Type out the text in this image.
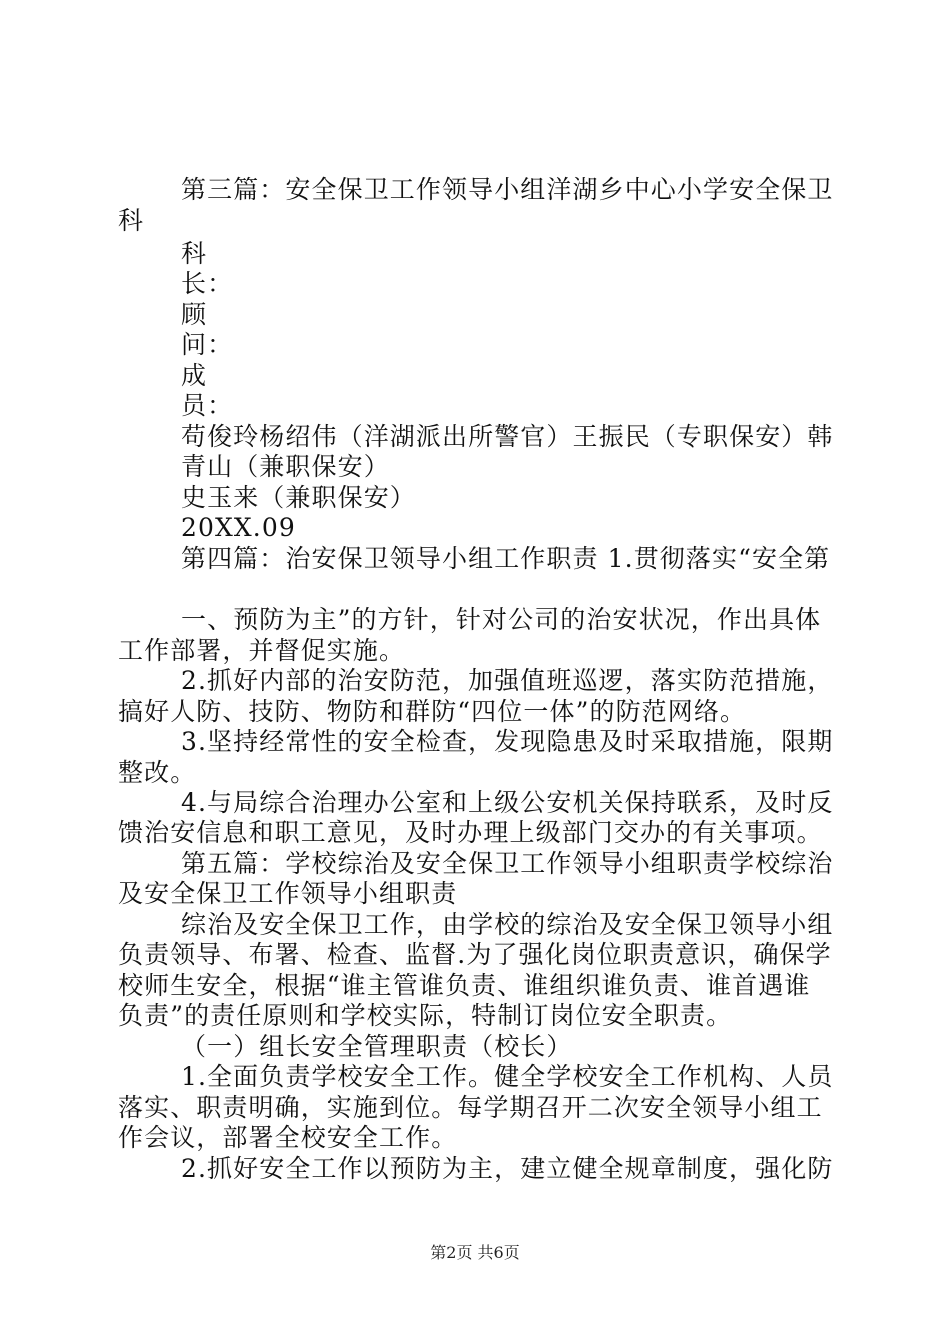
第三篇：安全保卫工作领导小组洋湖乡中心小学安全保卫
科
科
长：
顾
问：
成
员：
苟俊玲杨绍伟（洋湖派出所警官）王振民（专职保安）韩
青山（兼职保安）
史玉来（兼职保安）
20XX.09
第四篇：治安保卫领导小组工作职责 1.贯彻落实“安全第
一、预防为主”的方针，针对公司的治安状况，作出具体
工作部署，并督促实施。
2.抓好内部的治安防范，加强值班巡逻，落实防范措施，
搞好人防、技防、物防和群防“四位一体”的防范网络。
3.坚持经常性的安全检查，发现隐患及时采取措施，限期
整改。
4.与局综合治理办公室和上级公安机关保持联系，及时反
馈治安信息和职工意见，及时办理上级部门交办的有关事项。
第五篇：学校综治及安全保卫工作领导小组职责学校综治
及安全保卫工作领导小组职责
综治及安全保卫工作，由学校的综治及安全保卫领导小组
负责领导、布署、检查、监督.为了强化岗位职责意识，确保学
校师生安全，根据“谁主管谁负责、谁组织谁负责、谁首遇谁
负责”的责任原则和学校实际，特制订岗位安全职责。
（一）组长安全管理职责（校长）
1.全面负责学校安全工作。健全学校安全工作机构、人员
落实、职责明确，实施到位。每学期召开二次安全领导小组工
作会议，部署全校安全工作。
2.抓好安全工作以预防为主，建立健全规章制度，强化防
第2页 共6页
